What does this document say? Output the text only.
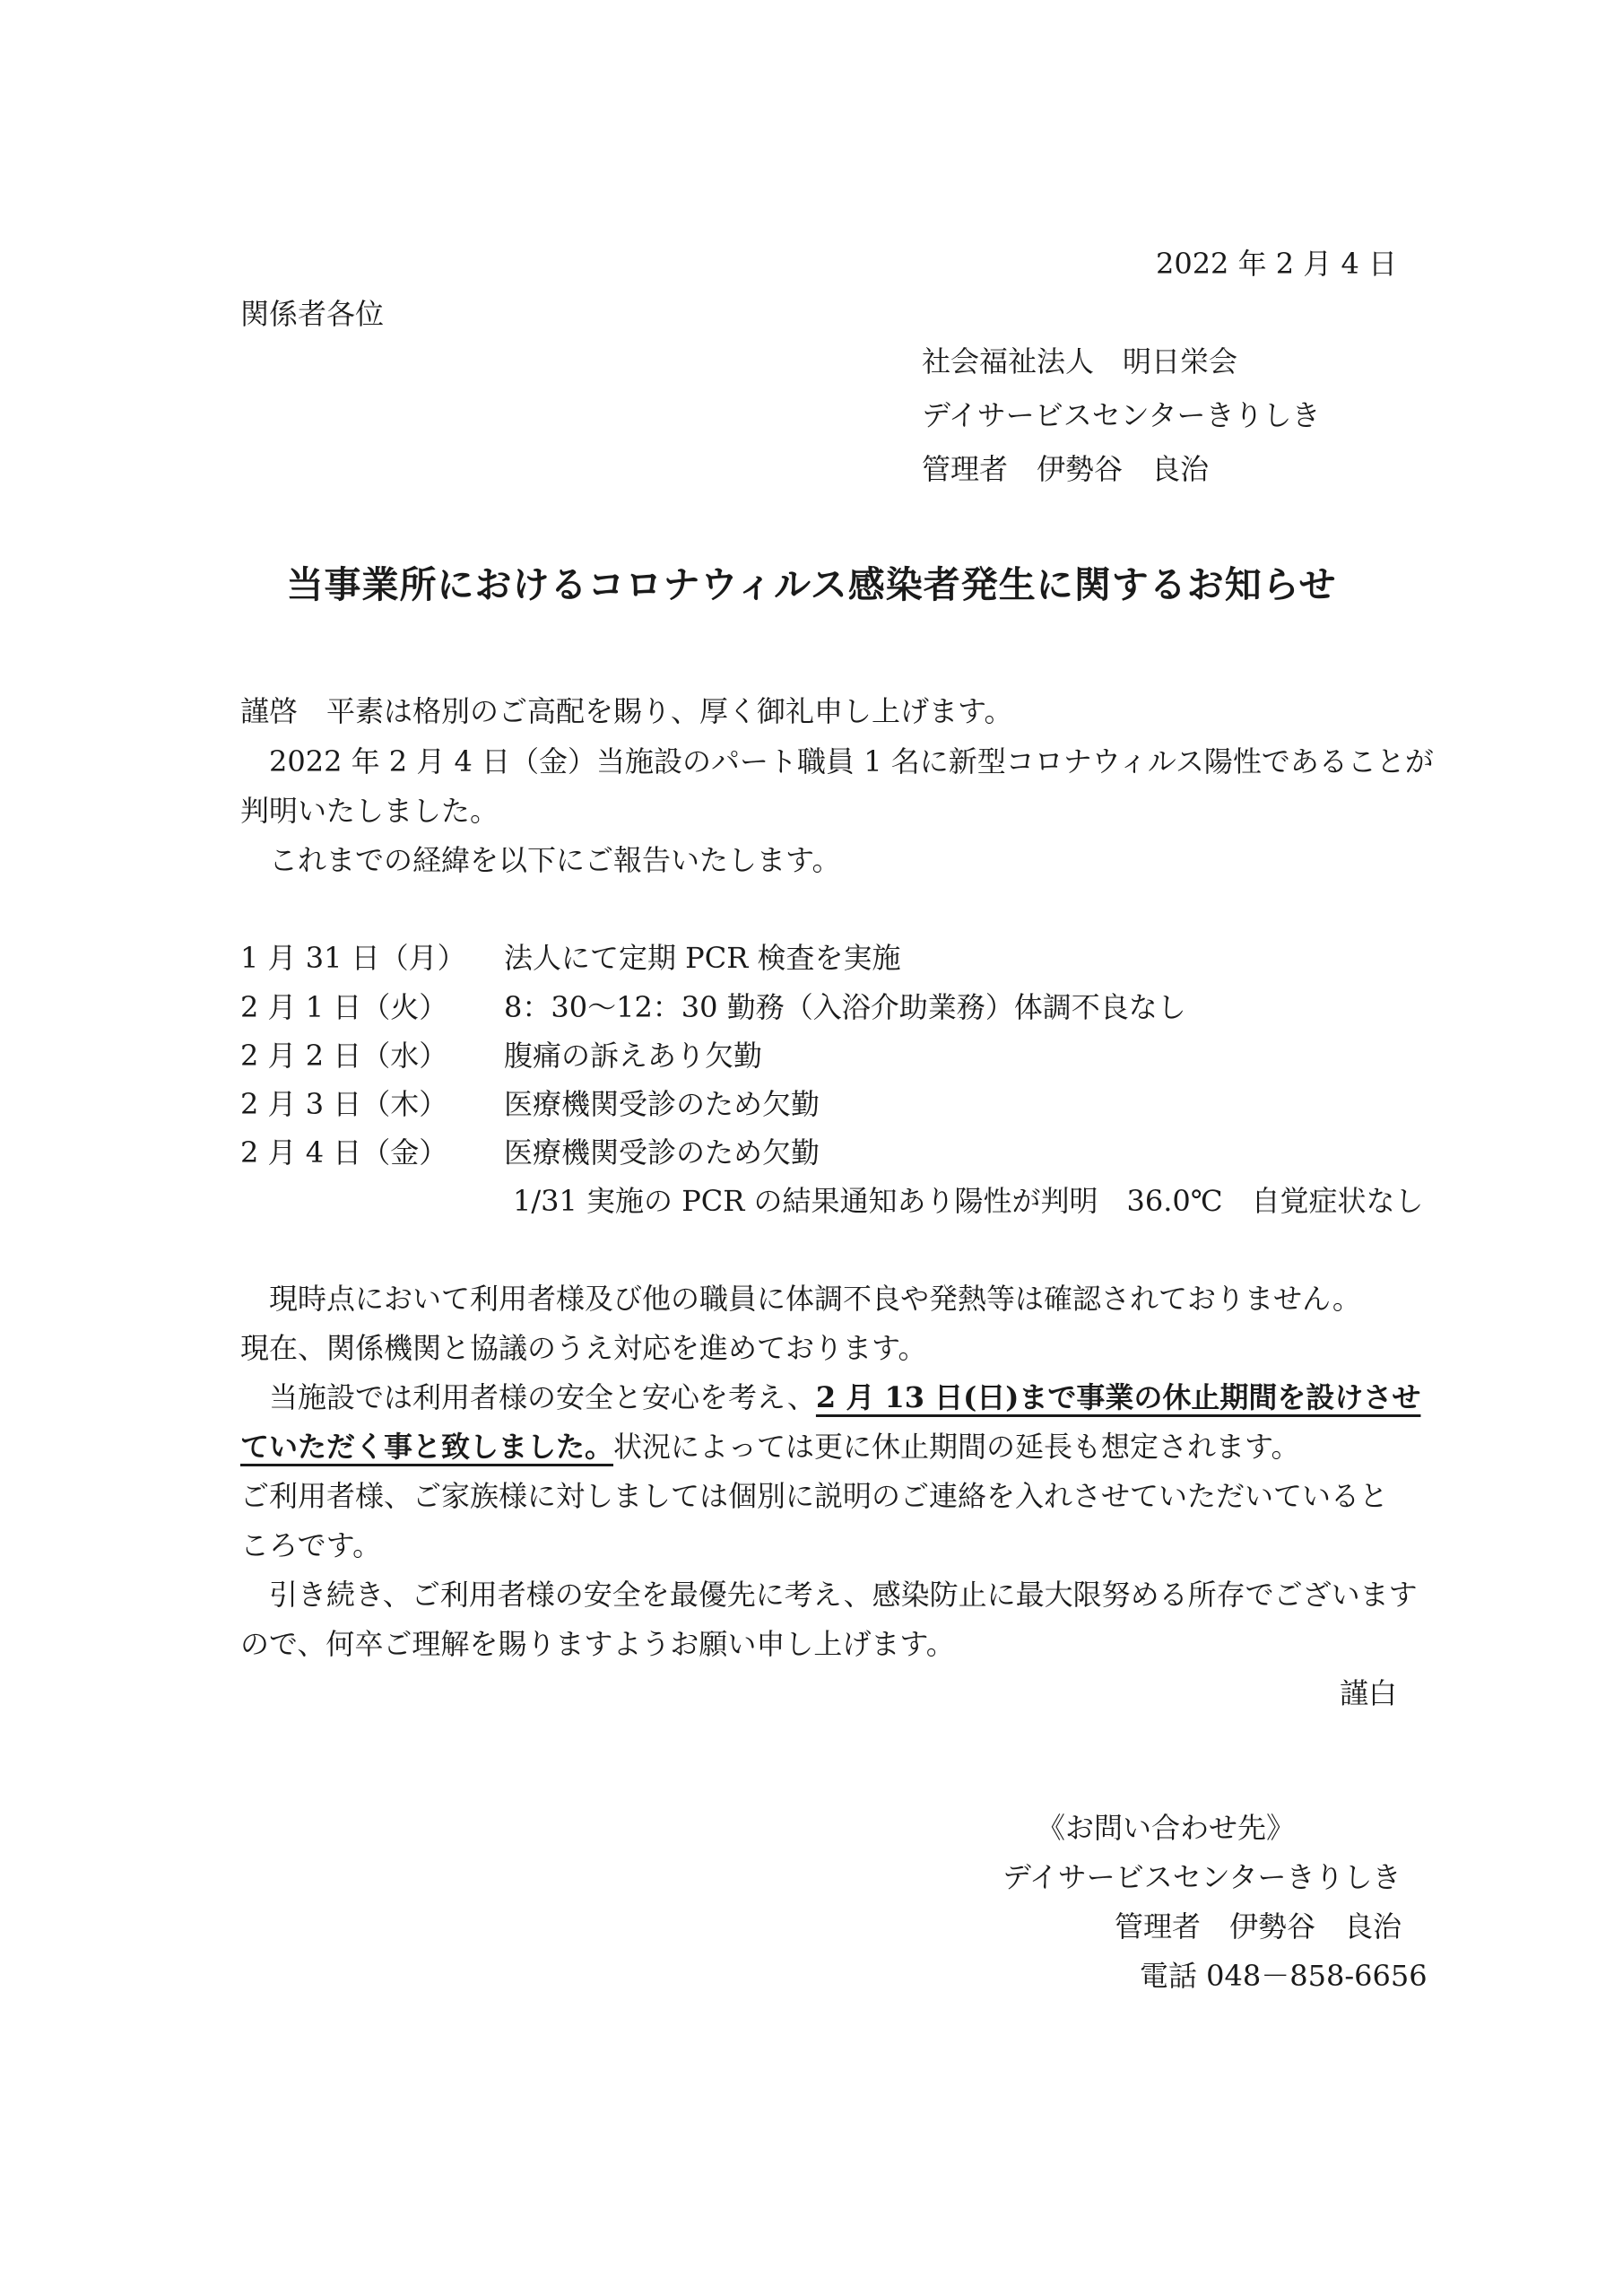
2022 年 2 月 4 日
関係者各位
社会福祉法人　明日栄会
デイサービスセンターきりしき
管理者　伊勢谷　良治
当事業所におけるコロナウィルス感染者発生に関するお知らせ
謹啓　平素は格別のご高配を賜り、厚く御礼申し上げます。
2022 年 2 月 4 日（金）当施設のパート職員 1 名に新型コロナウィルス陽性であることが
判明いたしました。
これまでの経緯を以下にご報告いたします。
1 月 31 日（月） 法人にて定期 PCR 検査を実施
2 月 1 日（火） 8：30～12：30 勤務（入浴介助業務）体調不良なし
2 月 2 日（水） 腹痛の訴えあり欠勤
2 月 3 日（木） 医療機関受診のため欠勤
2 月 4 日（金） 医療機関受診のため欠勤
1/31 実施の PCR の結果通知あり陽性が判明　36.0℃　自覚症状なし
現時点において利用者様及び他の職員に体調不良や発熱等は確認されておりません。
現在、関係機関と協議のうえ対応を進めております。
当施設では利用者様の安全と安心を考え、2 月 13 日(日)まで事業の休止期間を設けさせ
ていただく事と致しました。状況によっては更に休止期間の延長も想定されます。
ご利用者様、ご家族様に対しましては個別に説明のご連絡を入れさせていただいていると
ころです。
引き続き、ご利用者様の安全を最優先に考え、感染防止に最大限努める所存でございます
ので、何卒ご理解を賜りますようお願い申し上げます。
謹白
《お問い合わせ先》
デイサービスセンターきりしき
管理者　伊勢谷　良治
電話 048－858-6656
